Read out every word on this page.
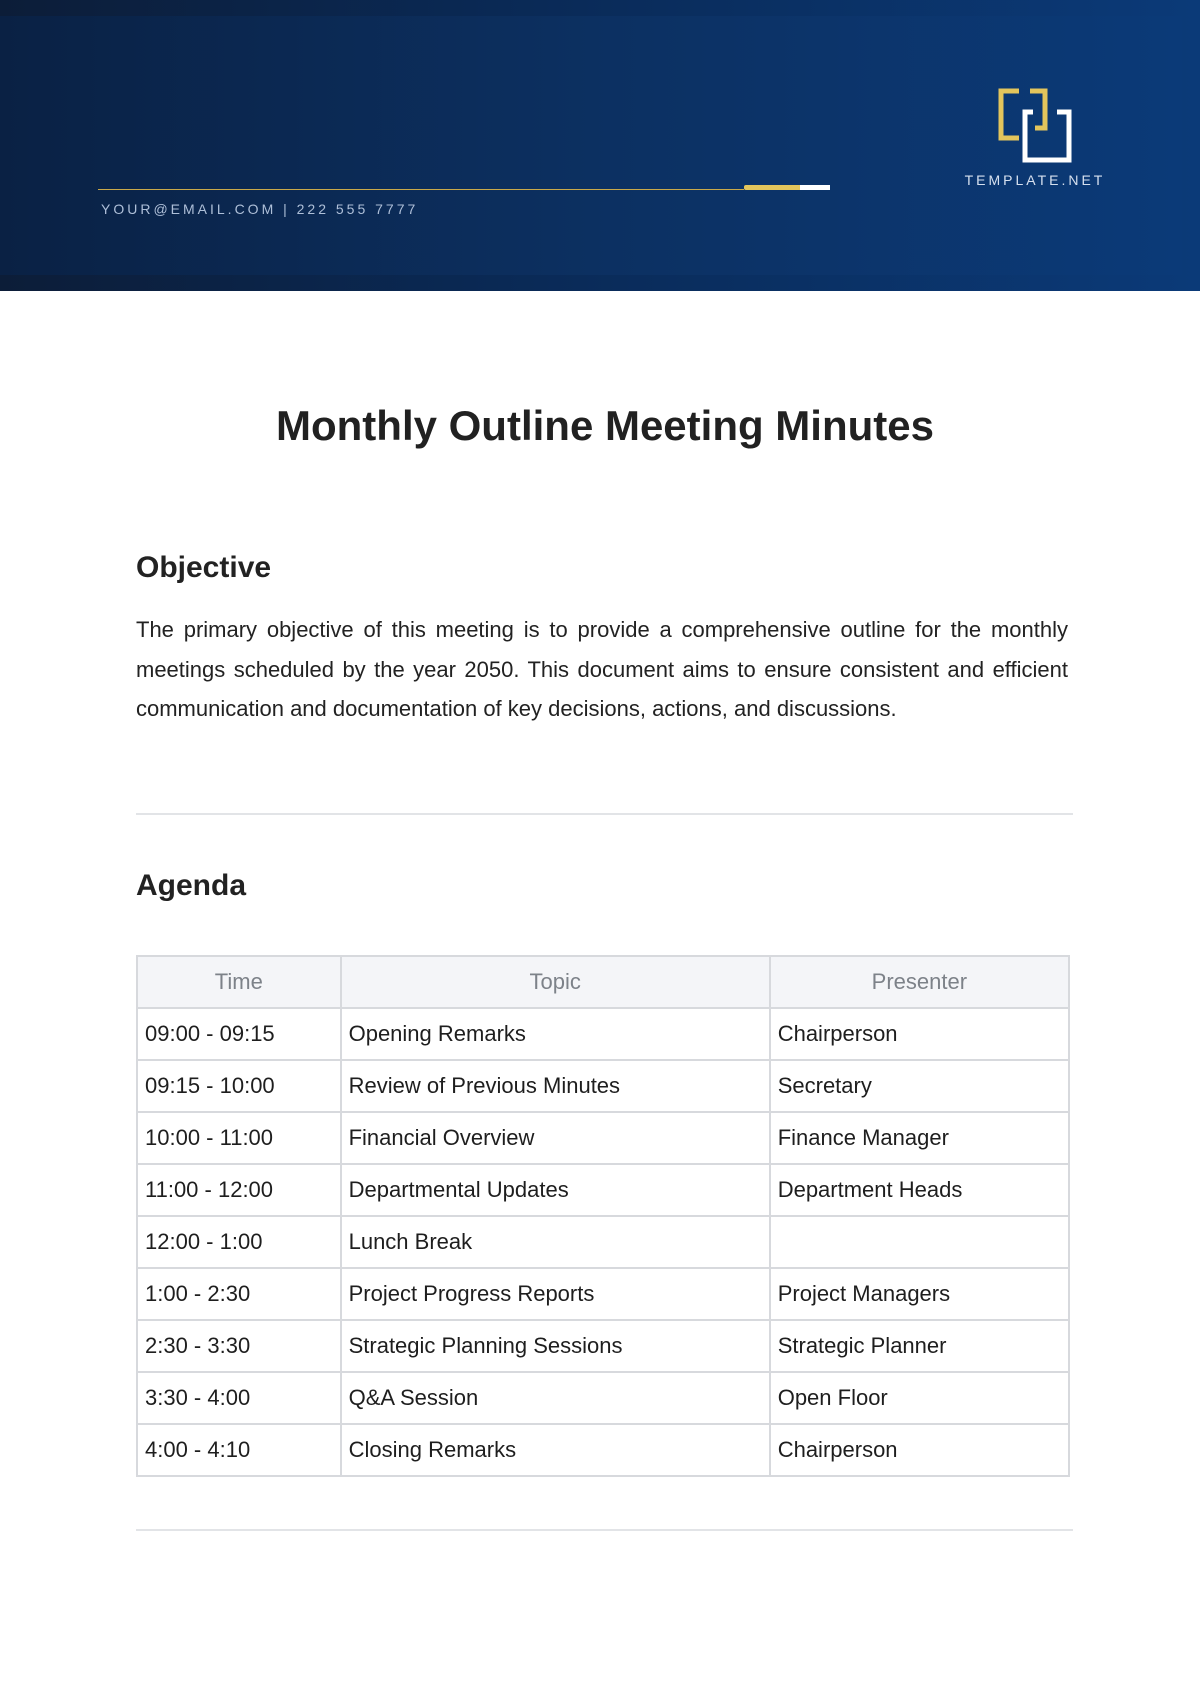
YOUR@EMAIL.COM | 222 555 7777
TEMPLATE.NET
Monthly Outline Meeting Minutes
Objective
The primary objective of this meeting is to provide a comprehensive outline for the monthly meetings scheduled by the year 2050. This document aims to ensure consistent and efficient communication and documentation of key decisions, actions, and discussions.
Agenda
Time	Topic	Presenter
09:00 - 09:15	Opening Remarks	Chairperson
09:15 - 10:00	Review of Previous Minutes	Secretary
10:00 - 11:00	Financial Overview	Finance Manager
11:00 - 12:00	Departmental Updates	Department Heads
12:00 - 1:00	Lunch Break	
1:00 - 2:30	Project Progress Reports	Project Managers
2:30 - 3:30	Strategic Planning Sessions	Strategic Planner
3:30 - 4:00	Q&A Session	Open Floor
4:00 - 4:10	Closing Remarks	Chairperson
